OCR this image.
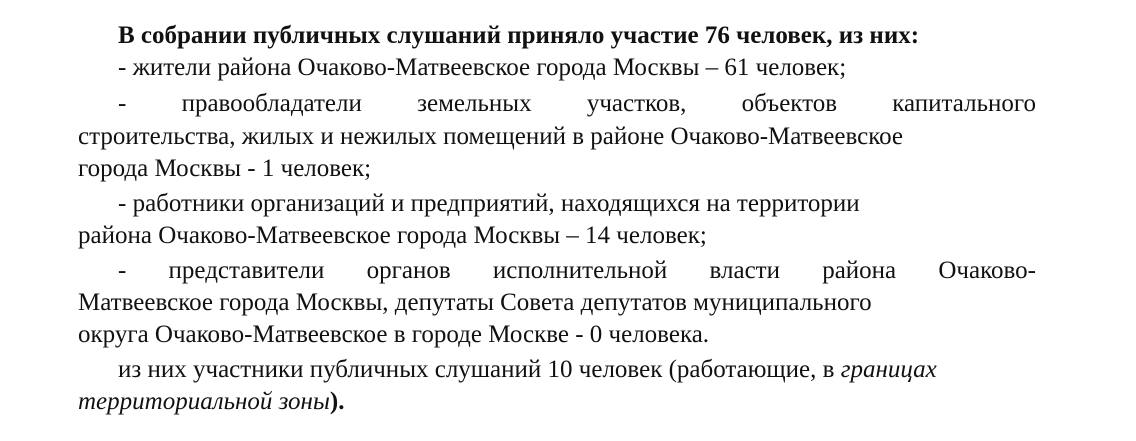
В собрании публичных слушаний приняло участие 76 человек, из них:
- жители района Очаково-Матвеевское города Москвы – 61 человек;
- правообладатели земельных участков, объектов капитального
строительства, жилых и нежилых помещений в районе Очаково-Матвеевское
города Москвы - 1 человек;
- работники организаций и предприятий, находящихся на территории
района Очаково-Матвеевское города Москвы – 14 человек;
- представители органов исполнительной власти района Очаково-
Матвеевское города Москвы, депутаты Совета депутатов муниципального
округа Очаково-Матвеевское в городе Москве - 0 человека.
из них участники публичных слушаний 10 человек (работающие, в границах
территориальной зоны).
